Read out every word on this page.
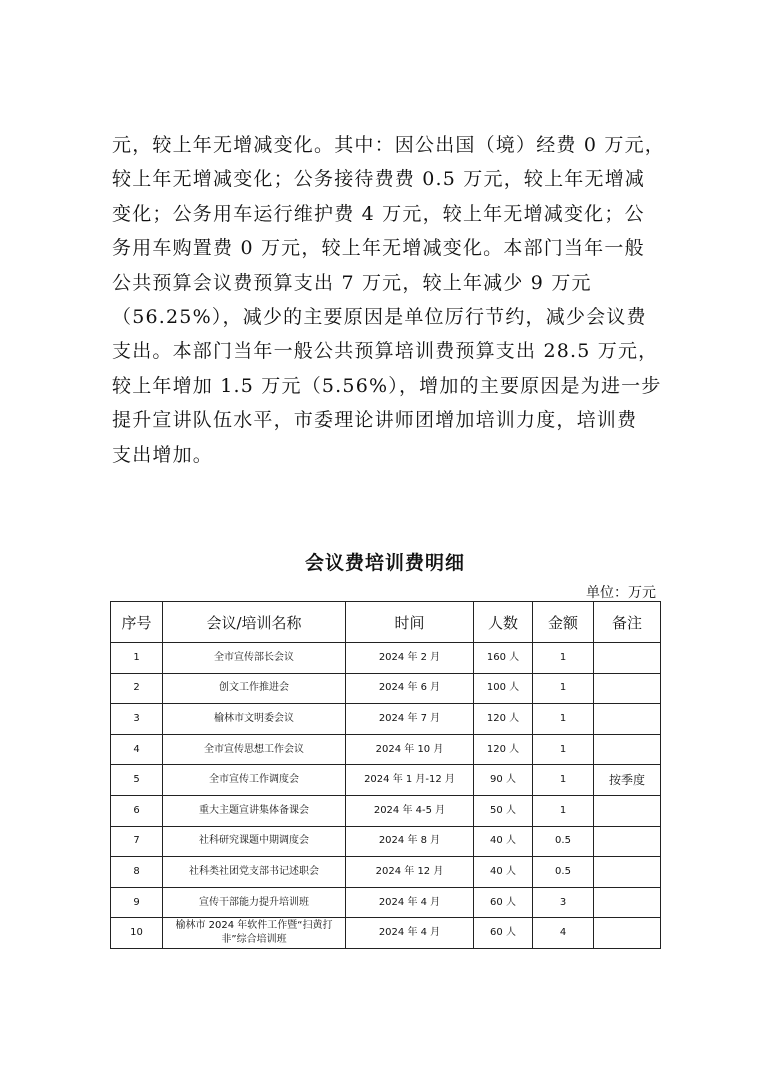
元，较上年无增减变化。其中：因公出国（境）经费 0 万元，
较上年无增减变化；公务接待费费 0.5 万元，较上年无增减
变化；公务用车运行维护费 4 万元，较上年无增减变化；公
务用车购置费 0 万元，较上年无增减变化。本部门当年一般
公共预算会议费预算支出 7 万元，较上年减少 9 万元
（56.25%），减少的主要原因是单位厉行节约，减少会议费
支出。本部门当年一般公共预算培训费预算支出 28.5 万元，
较上年增加 1.5 万元（5.56%），增加的主要原因是为进一步
提升宣讲队伍水平，市委理论讲师团增加培训力度，培训费
支出增加。
会议费培训费明细
单位：万元
序号	会议/培训名称	时间	人数	金额	备注
1	全市宣传部长会议	2024 年 2 月	160 人	1	
2	创文工作推进会	2024 年 6 月	100 人	1	
3	榆林市文明委会议	2024 年 7 月	120 人	1	
4	全市宣传思想工作会议	2024 年 10 月	120 人	1	
5	全市宣传工作调度会	2024 年 1 月-12 月	90 人	1	按季度
6	重大主题宣讲集体备课会	2024 年 4-5 月	50 人	1	
7	社科研究课题中期调度会	2024 年 8 月	40 人	0.5	
8	社科类社团党支部书记述职会	2024 年 12 月	40 人	0.5	
9	宣传干部能力提升培训班	2024 年 4 月	60 人	3	
10	榆林市 2024 年软件工作暨“扫黄打非”综合培训班	2024 年 4 月	60 人	4	
